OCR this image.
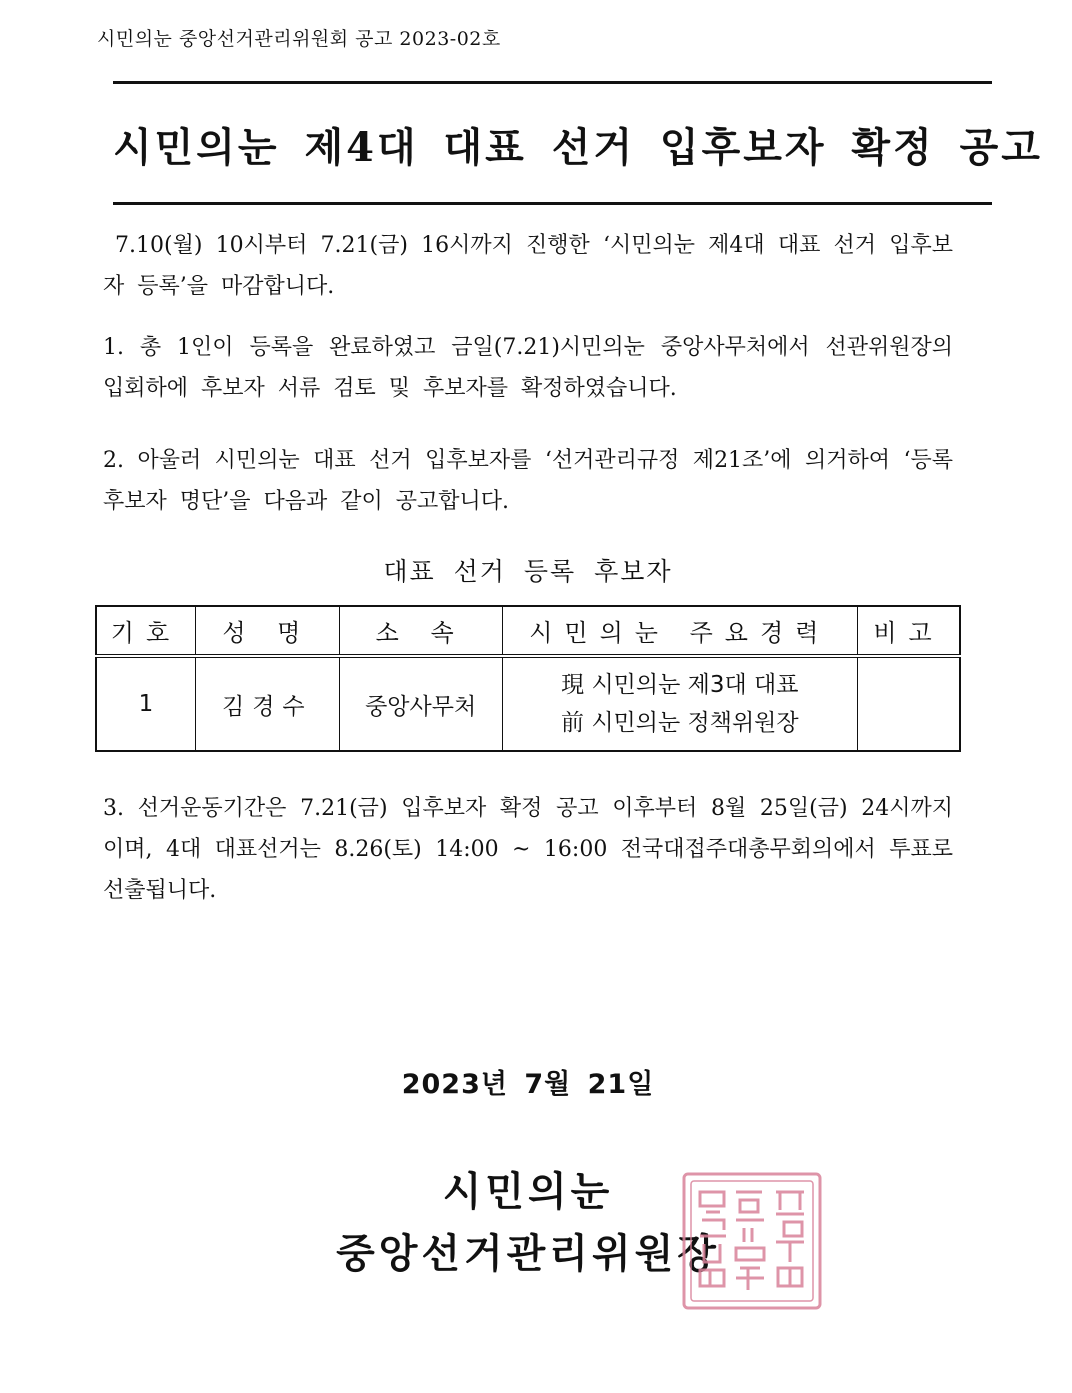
시민의눈 중앙선거관리위원회 공고 2023-02호
시민의눈 제4대 대표 선거 입후보자 확정 공고
7.10(월) 10시부터 7.21(금) 16시까지 진행한 ‘시민의눈 제4대 대표 선거 입후보자 등록’을 마감합니다.
1. 총 1인이 등록을 완료하였고 금일(7.21)시민의눈 중앙사무처에서 선관위원장의 입회하에 후보자 서류 검토 및 후보자를 확정하였습니다.
2. 아울러 시민의눈 대표 선거 입후보자를 ‘선거관리규정 제21조’에 의거하여 ‘등록 후보자 명단’을 다음과 같이 공고합니다.
대표 선거 등록 후보자
기호	성 명	소 속	시민의눈 주요경력	비고
1	김경수	중앙사무처	現 시민의눈 제3대 대표
前 시민의눈 정책위원장	

3. 선거운동기간은 7.21(금) 입후보자 확정 공고 이후부터 8월 25일(금) 24시까지 이며, 4대 대표선거는 8.26(토) 14:00 ~ 16:00 전국대접주대총무회의에서 투표로 선출됩니다.
2023년 7월 21일
시민의눈
중앙선거관리위원장
